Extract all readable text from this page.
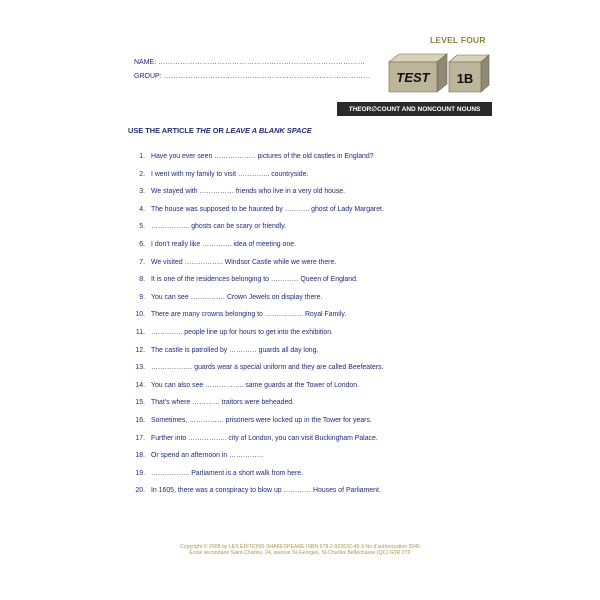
LEVEL FOUR
NAME: …………………………………………………………………………
GROUP: ………………………………………………………………………… TEST 1B
THE OR ∅ COUNT AND NONCOUNT NOUNS
USE THE ARTICLE THE OR LEAVE A BLANK SPACE
1. Have you ever seen ……………… pictures of the old castles in England?
2. I went with my family to visit ………….. countryside.
3. We stayed with …………… friends who live in a very old house.
4. The house was supposed to be haunted by ……….. ghost of Lady Margaret.
5. …………….. ghosts can be scary or friendly.
6. I don't really like …………. idea of meeting one.
7. We visited …………….. Windsor Castle while we were there.
8. It is one of the residences belonging to ………… Queen of England.
9. You can see …………… Crown Jewels on display there.
10. There are many crowns belonging to …………….. Royal Family.
11. ………….. people line up for hours to get into the exhibition.
12. The castle is patrolled by ………… guards all day long.
13. ……………… guards wear a special uniform and they are called Beefeaters.
14. You can also see …………….. same guards at the Tower of London.
15. That's where ………… traitors were beheaded.
16. Sometimes, …………… prisoners were locked up in the Tower for years.
17. Further into …………….. city of London, you can visit Buckingham Palace.
18. Or spend an afternoon in ……………
19. …………….. Parliament is a short walk from here.
20. In 1605, there was a conspiracy to blow up ………… Houses of Parliament.
Copyright © 2008 by LES ÉDITIONS SHAKESPEARE ISBN 978-2-922632-45-3 No d'authorization 3045
École secondaire Saint-Charles, 24, avenue St-Georges, St-Charles Bellechasse (QC) G0R 2T0
